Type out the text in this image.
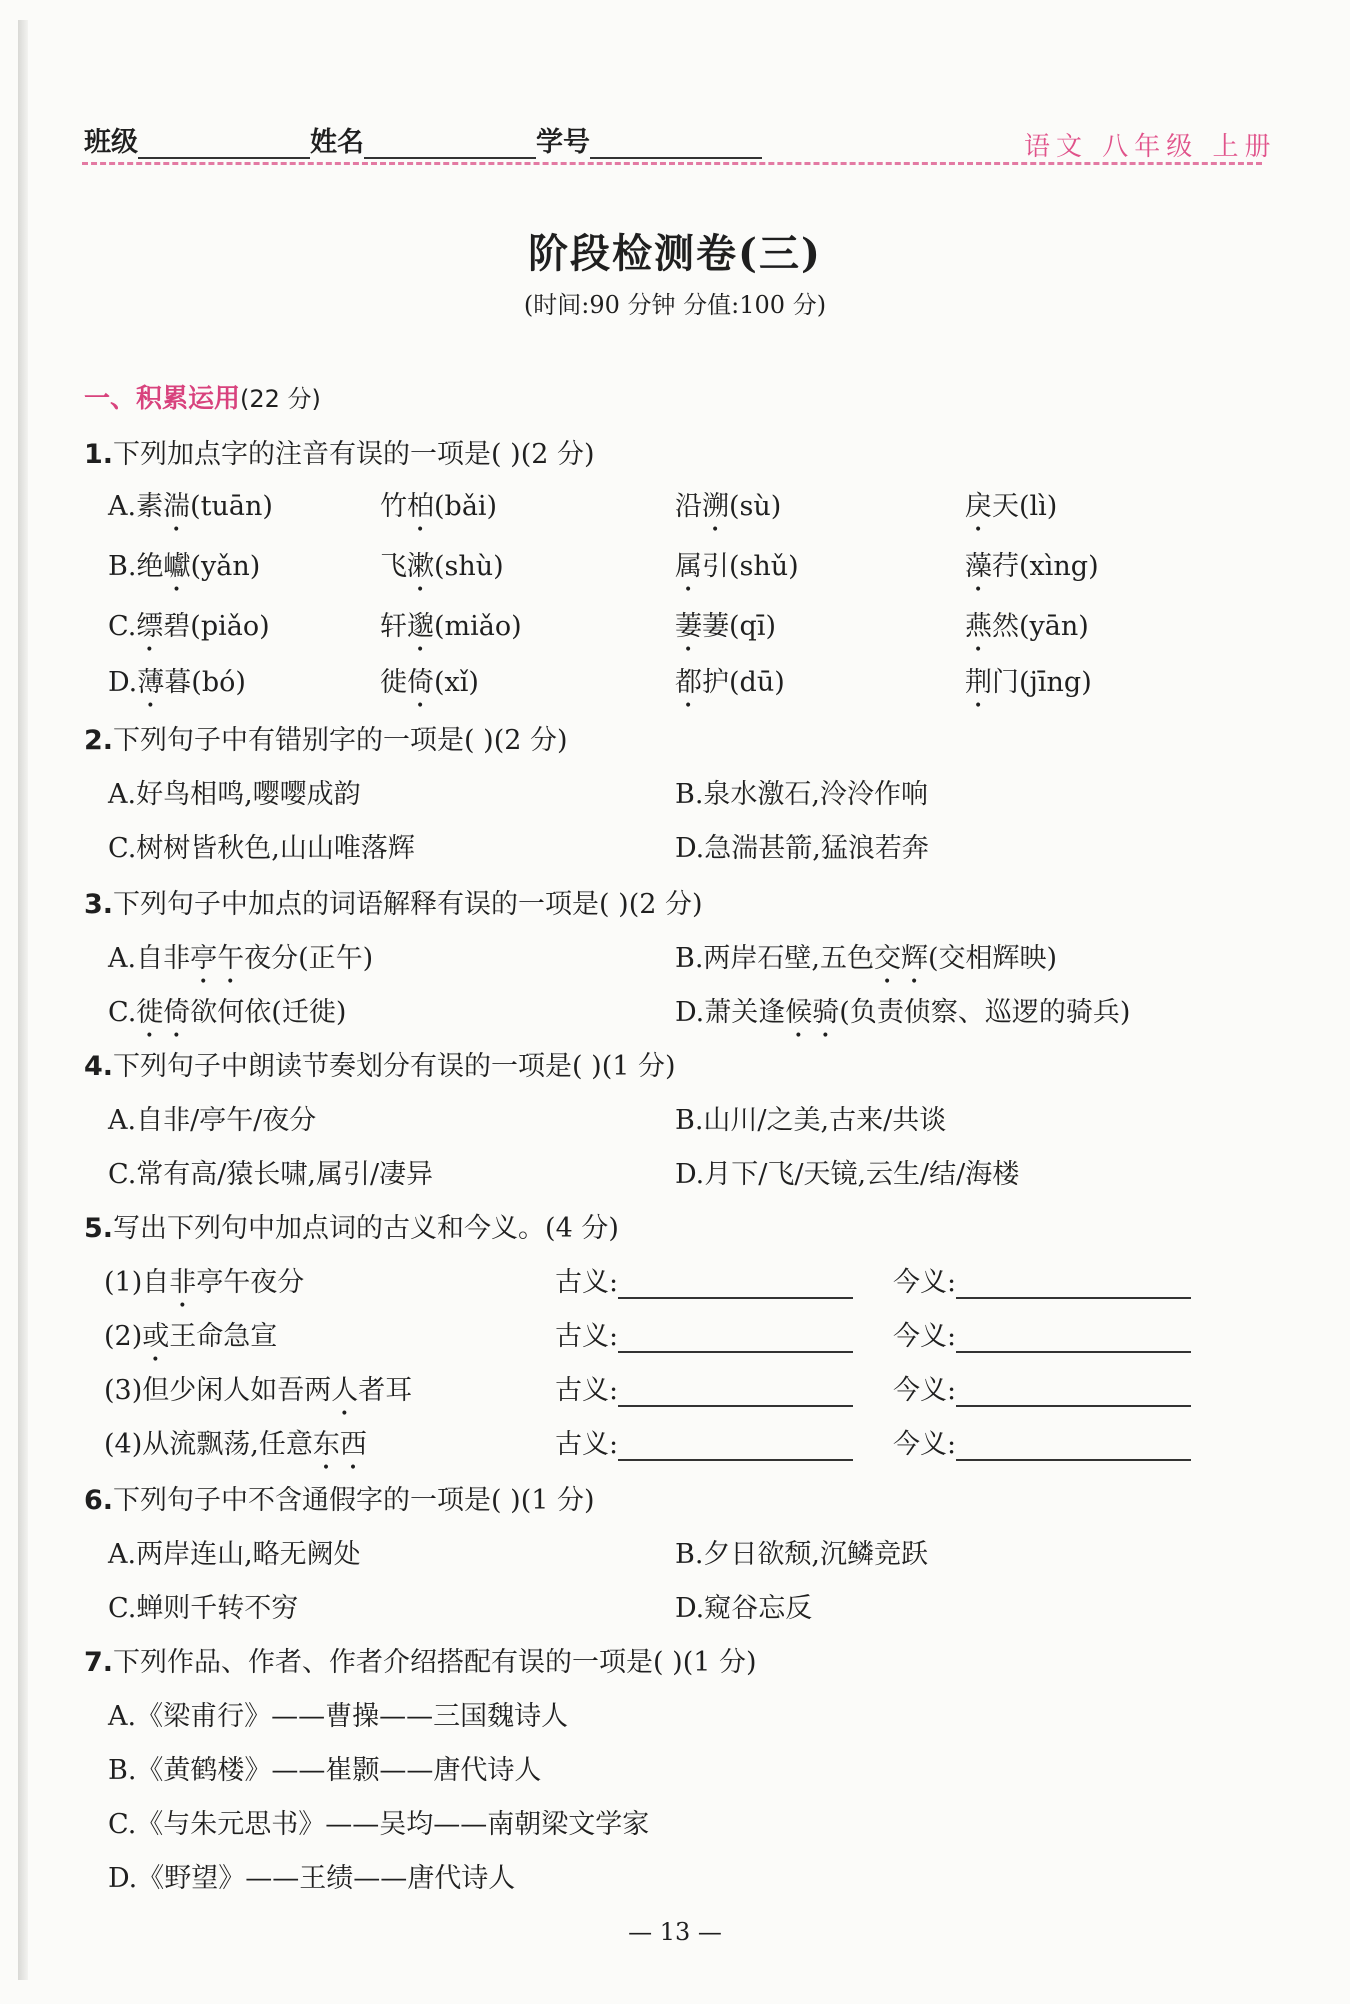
班级	姓名	学号	语文 八年级 上册
阶段检测卷(三)
(时间:90 分钟 分值:100 分)
一、积累运用(22 分)
1.下列加点字的注音有误的一项是( )(2 分)
A.素湍(tuān)	竹柏(bǎi)	沿溯(sù)	戾天(lì)
B.绝巘(yǎn)	飞漱(shù)	属引(shǔ)	藻荇(xìng)
C.缥碧(piǎo)	轩邈(miǎo)	萋萋(qī)	燕然(yān)
D.薄暮(bó)	徙倚(xǐ)	都护(dū)	荆门(jīng)
2.下列句子中有错别字的一项是( )(2 分)
A.好鸟相鸣,嘤嘤成韵	B.泉水激石,泠泠作响
C.树树皆秋色,山山唯落辉	D.急湍甚箭,猛浪若奔
3.下列句子中加点的词语解释有误的一项是( )(2 分)
A.自非亭午夜分(正午)	B.两岸石壁,五色交辉(交相辉映)
C.徙倚欲何依(迁徙)	D.萧关逢候骑(负责侦察、巡逻的骑兵)
4.下列句子中朗读节奏划分有误的一项是( )(1 分)
A.自非/亭午/夜分	B.山川/之美,古来/共谈
C.常有高/猿长啸,属引/凄异	D.月下/飞/天镜,云生/结/海楼
5.写出下列句中加点词的古义和今义。(4 分)
(1)自非亭午夜分	古义:	今义:
(2)或王命急宣	古义:	今义:
(3)但少闲人如吾两人者耳	古义:	今义:
(4)从流飘荡,任意东西	古义:	今义:
6.下列句子中不含通假字的一项是( )(1 分)
A.两岸连山,略无阙处	B.夕日欲颓,沉鳞竞跃
C.蝉则千转不穷	D.窥谷忘反
7.下列作品、作者、作者介绍搭配有误的一项是( )(1 分)
A.《梁甫行》——曹操——三国魏诗人
B.《黄鹤楼》——崔颢——唐代诗人
C.《与朱元思书》——吴均——南朝梁文学家
D.《野望》——王绩——唐代诗人
— 13 —
